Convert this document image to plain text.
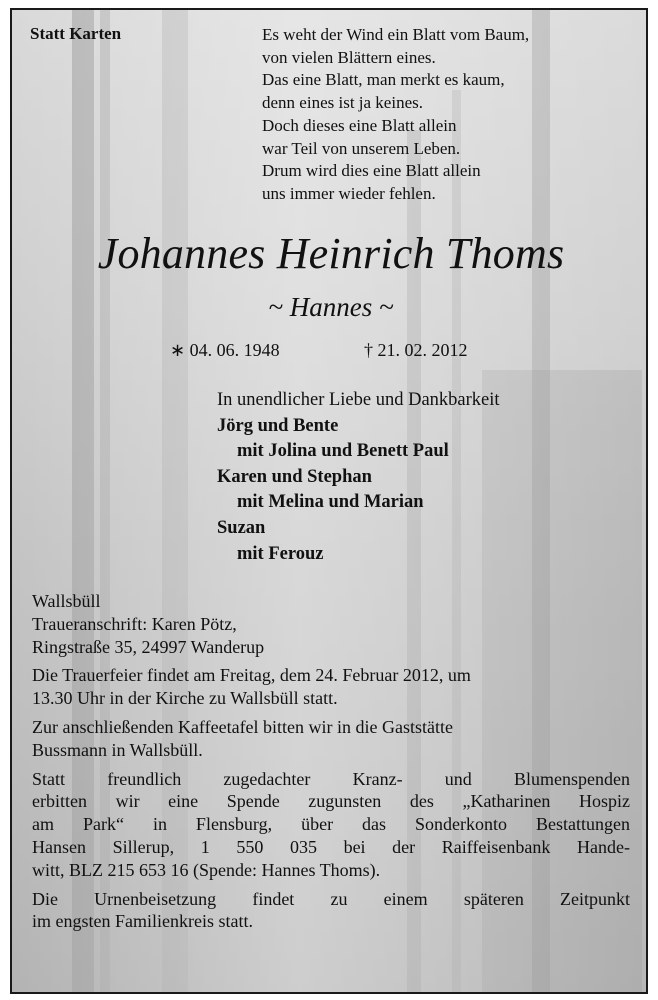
Statt Karten	Es weht der Wind ein Blatt vom Baum,
von vielen Blättern eines.
Das eine Blatt, man merkt es kaum,
denn eines ist ja keines.
Doch dieses eine Blatt allein
war Teil von unserem Leben.
Drum wird dies eine Blatt allein
uns immer wieder fehlen.
Johannes Heinrich Thoms
~ Hannes ~
∗ 04. 06. 1948	† 21. 02. 2012
In unendlicher Liebe und Dankbarkeit
Jörg und Bente
mit Jolina und Benett Paul
Karen und Stephan
mit Melina und Marian
Suzan
mit Ferouz
Wallsbüll
Traueranschrift: Karen Pötz,
Ringstraße 35, 24997 Wanderup
Die Trauerfeier findet am Freitag, dem 24. Februar 2012, um
13.30 Uhr in der Kirche zu Wallsbüll statt.
Zur anschließenden Kaffeetafel bitten wir in die Gaststätte
Bussmann in Wallsbüll.
Statt freundlich zugedachter Kranz- und Blumenspenden
erbitten wir eine Spende zugunsten des „Katharinen Hospiz
am Park“ in Flensburg, über das Sonderkonto Bestattungen
Hansen Sillerup, 1 550 035 bei der Raiffeisenbank Hande-
witt, BLZ 215 653 16 (Spende: Hannes Thoms).
Die Urnenbeisetzung findet zu einem späteren Zeitpunkt
im engsten Familienkreis statt.
